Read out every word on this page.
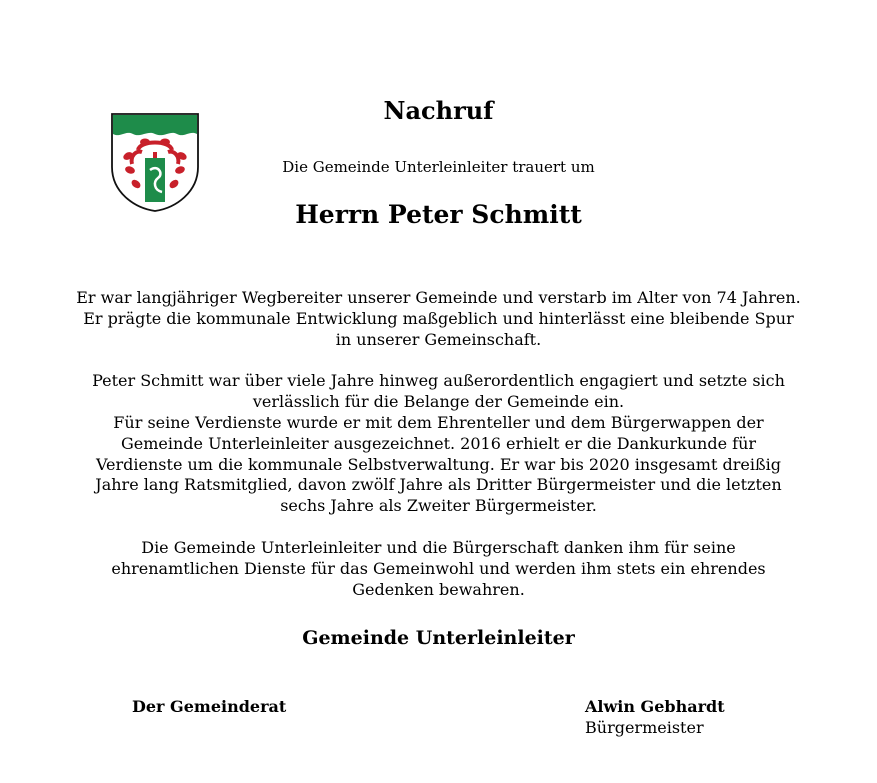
Nachruf
Die Gemeinde Unterleinleiter trauert um
Herrn Peter Schmitt

Er war langjähriger Wegbereiter unserer Gemeinde und verstarb im Alter von 74 Jahren. Er prägte die kommunale Entwicklung maßgeblich und hinterlässt eine bleibende Spur in unserer Gemeinschaft.

Peter Schmitt war über viele Jahre hinweg außerordentlich engagiert und setzte sich verlässlich für die Belange der Gemeinde ein.

Für seine Verdienste wurde er mit dem Ehrenteller und dem Bürgerwappen der Gemeinde Unterleinleiter ausgezeichnet. 2016 erhielt er die Dankurkunde für Verdienste um die kommunale Selbstverwaltung. Er war bis 2020 insgesamt dreißig Jahre lang Ratsmitglied, davon zwölf Jahre als Dritter Bürgermeister und die letzten sechs Jahre als Zweiter Bürgermeister.

Die Gemeinde Unterleinleiter und die Bürgerschaft danken ihm für seine ehrenamtlichen Dienste für das Gemeinwohl und werden ihm stets ein ehrendes Gedenken bewahren.

Gemeinde Unterleinleiter
Der Gemeinderat	Alwin Gebhardt
Bürgermeister
